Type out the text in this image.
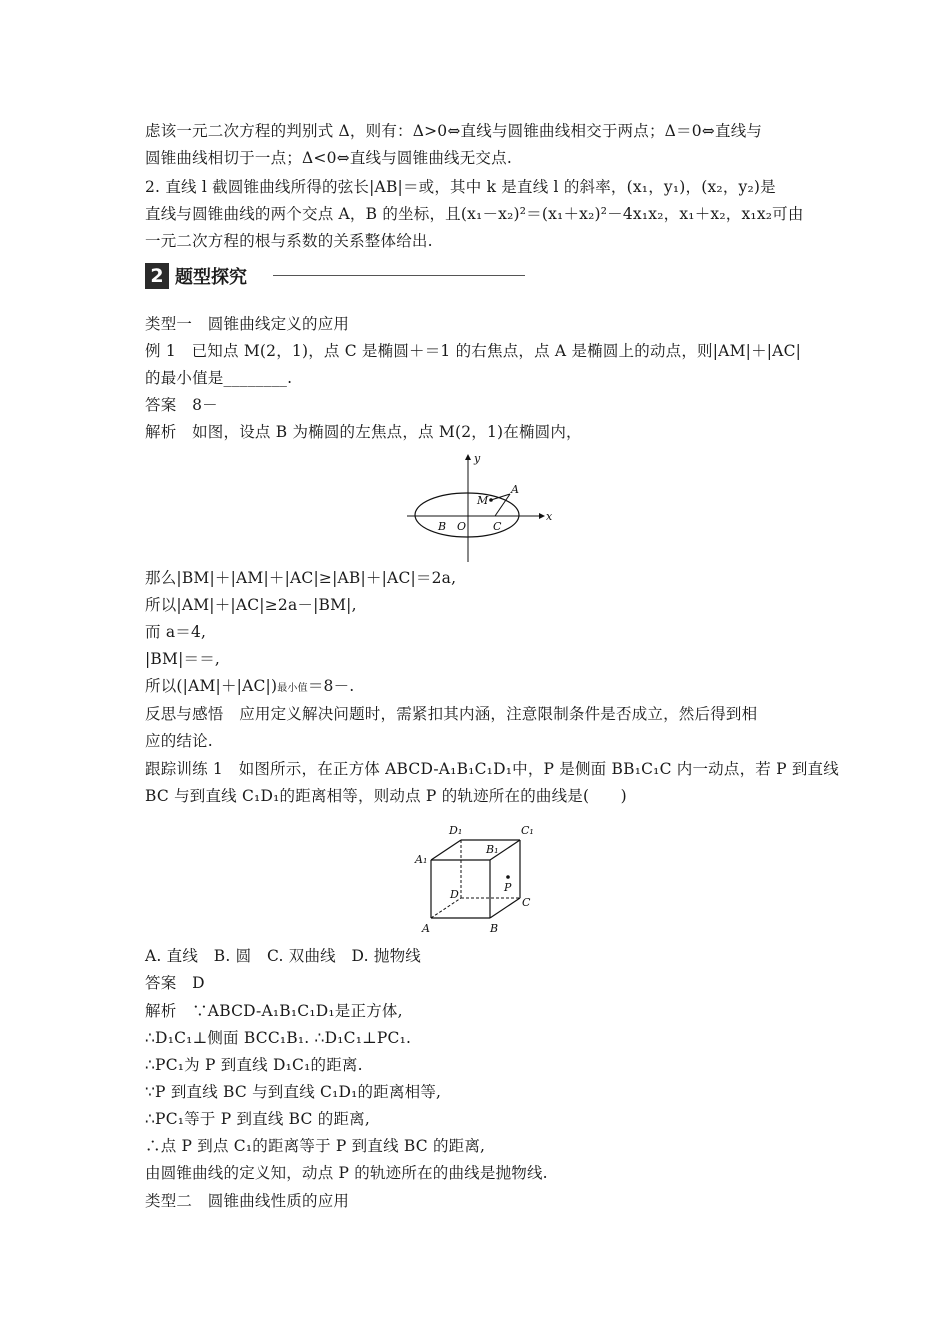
虑该一元二次方程的判别式 Δ，则有：Δ>0⇔直线与圆锥曲线相交于两点；Δ＝0⇔直线与
圆锥曲线相切于一点；Δ<0⇔直线与圆锥曲线无交点.
2. 直线 l 截圆锥曲线所得的弦长|AB|＝或，其中 k 是直线 l 的斜率，(x₁，y₁)，(x₂，y₂)是
直线与圆锥曲线的两个交点 A，B 的坐标，且(x₁－x₂)²＝(x₁＋x₂)²－4x₁x₂，x₁＋x₂，x₁x₂可由
一元二次方程的根与系数的关系整体给出.
2 题型探究
类型一　圆锥曲线定义的应用
例 1　已知点 M(2，1)，点 C 是椭圆＋＝1 的右焦点，点 A 是椭圆上的动点，则|AM|＋|AC|
的最小值是________.
答案　8－
解析　如图，设点 B 为椭圆的左焦点，点 M(2，1)在椭圆内，
x
y
O
B	C
M
A
那么|BM|＋|AM|＋|AC|≥|AB|＋|AC|＝2a,
所以|AM|＋|AC|≥2a－|BM|,
而 a＝4,
|BM|＝＝,
所以(|AM|＋|AC|)最小值＝8－.
反思与感悟　应用定义解决问题时，需紧扣其内涵，注意限制条件是否成立，然后得到相
应的结论.
跟踪训练 1　如图所示，在正方体 ABCD-A₁B₁C₁D₁中，P 是侧面 BB₁C₁C 内一动点，若 P 到直线
BC 与到直线 C₁D₁的距离相等，则动点 P 的轨迹所在的曲线是(　　)
A	B
C
D
A₁
B₁
C₁
D₁
P
A. 直线　B. 圆　C. 双曲线　D. 抛物线
答案　D
解析　∵ABCD-A₁B₁C₁D₁是正方体,
∴D₁C₁⊥侧面 BCC₁B₁. ∴D₁C₁⊥PC₁.
∴PC₁为 P 到直线 D₁C₁的距离.
∵P 到直线 BC 与到直线 C₁D₁的距离相等,
∴PC₁等于 P 到直线 BC 的距离,
∴点 P 到点 C₁的距离等于 P 到直线 BC 的距离,
由圆锥曲线的定义知，动点 P 的轨迹所在的曲线是抛物线.
类型二　圆锥曲线性质的应用
